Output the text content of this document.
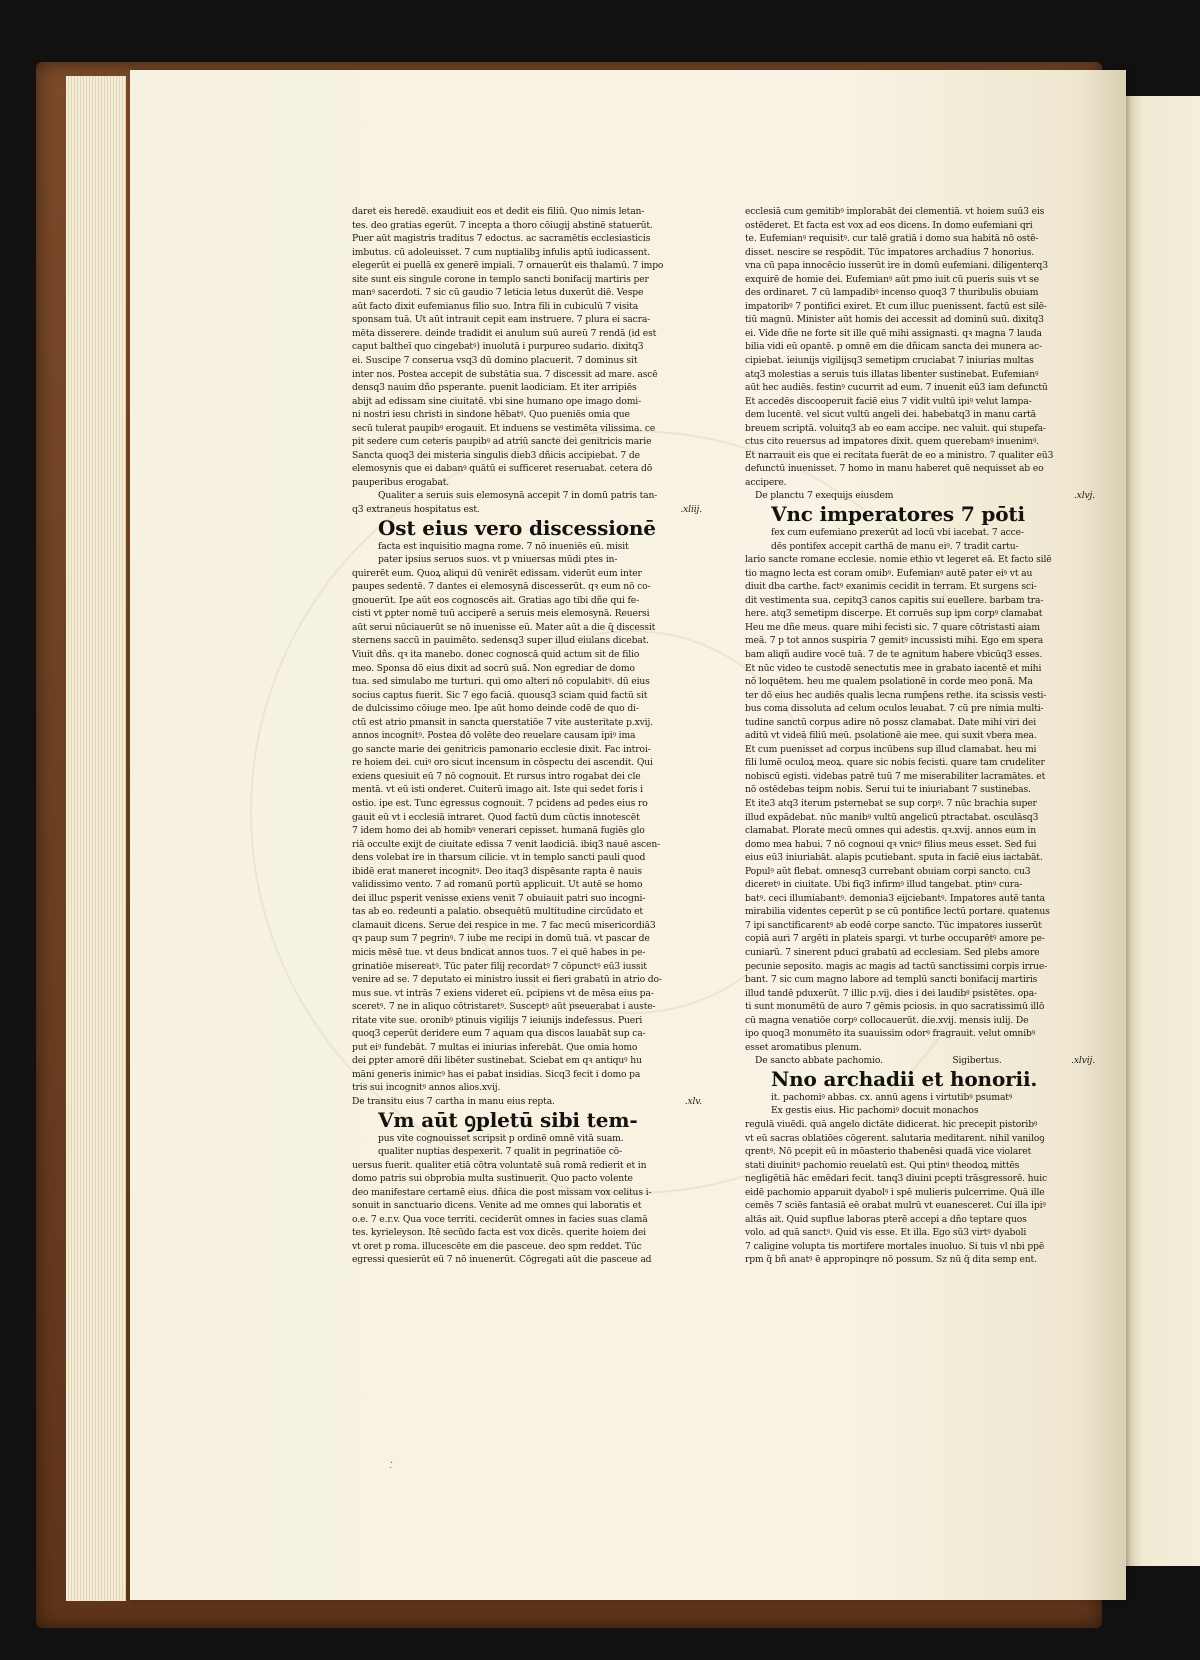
daret eis heredē. exaudiuit eos et dedit eis filiū. Quo nimis letan-
tes. deo gratias egerūt. 7 incepta a thoro cōiugij abstinē statuerūt.
Puer aūt magistris traditus 7 edoctus. ac sacramētis ecclesiasticis
imbutus. cū adoleuisset. 7 cum nuptialibꝫ infulis aptū iudicassent.
elegerūt ei puellā ex generē impiali. 7 ornauerūt eis thalamū. 7 impo
site sunt eis singule corone in templo sancti bonifacij martiris per
manꝰ sacerdoti. 7 sic cū gaudio 7 leticia letus duxerūt diē. Vespe
aūt facto dixit eufemianus filio suo. Intra fili in cubiculū 7 visita
sponsam tuā. Ut aūt intrauit cepit eam instruere. 7 plura ei sacra-
mēta disserere. deinde tradidit ei anulum suū aureū 7 rendā (id est
caput baltheī quo cingebatꝰ) inuolutā i purpureo sudario. dixitq3
ei. Suscipe 7 conserua vsq3 dū domino placuerit. 7 dominus sit
inter nos. Postea accepit de substātia sua. 7 discessit ad mare. ascē
densq3 nauim dño psperante. puenit laodiciam. Et iter arripiēs
abijt ad edissam sine ciuitatē. vbi sine humano ope imago domi-
ni nostri iesu christi in sindone hēbatꝰ. Quo pueniēs omia que
secū tulerat paupibꝰ erogauit. Et induens se vestimēta vilissima. ce
pit sedere cum ceteris paupibꝰ ad atriū sancte dei genitricis marie
Sancta quoq3 dei misteria singulis dieb3 dñicis accipiebat. 7 de
elemosynis que ei dabanꝰ quātū ei sufficeret reseruabat. cetera dō
pauperibus erogabat.
Qualiter a seruis suis elemosynā accepit 7 in domū patris tan-
q3 extraneus hospitatus est.	.xliij.
Ost eius vero discessionē
facta est inquisitio magna rome. 7 nō inueniēs eū. misit
pater ipsius seruos suos. vt p vniuersas mūdi ptes in-
quirerēt eum. Quoꝝ aliqui dū venirēt edissam. viderūt eum inter
paupes sedentē. 7 dantes ei elemosynā discesserūt. qꝛ eum nō co-
gnouerūt. Ipe aūt eos cognoscēs ait. Gratias ago tibi dñe qui fe-
cisti vt ꝑpter nomē tuū acciperē a seruis meis elemosynā. Reuersi
aūt serui nūciauerūt se nō inuenisse eū. Mater aūt a die q̄ discessit
sternens saccū in pauimēto. sedensq3 super illud eiulans dicebat.
Viuit dñs. qꝛ ita manebo. donec cognoscā quid actum sit de filio
meo. Sponsa dō eius dixit ad socrū suā. Non egrediar de domo
tua. sed simulabo me turturi. qui omo alteri nō copulabitꝰ. dū eius
socius captus fuerit. Sic 7 ego faciā. quousq3 sciam quid factū sit
de dulcissimo cōiuge meo. Ipe aūt homo deinde codē de quo di-
ctū est atrio pmansit in sancta querstatiōe 7 vite austeritate p.xvij.
annos incognitꝰ. Postea dō volēte deo reuelare causam ipiꝰ ima
go sancte marie dei genitricis pamonario ecclesie dixit. Fac introi-
re hoiem dei. cuiꝰ oro sicut incensum in cōspectu dei ascendit. Qui
exiens quesiuit eū 7 nō cognouit. Et rursus intro rogabat dei cle
mentā. vt eū isti onderet. Cuiterū imago ait. Iste qui sedet foris i
ostio. ipe est. Tunc egressus cognouit. 7 pcidens ad pedes eius ro
gauit eū vt i ecclesiā intraret. Quod factū dum cūctis innotescēt
7 idem homo dei ab homibꝰ venerari cepisset. humanā fugiēs glo
riā occulte exijt de ciuitate edissa 7 venit laodiciā. ibiq3 nauē ascen-
dens volebat ire in tharsum cilicie. vt in templo sancti pauli quod
ibidē erat maneret incognitꝰ. Deo itaq3 dispēsante rapta ē nauis
validissimo vento. 7 ad romanū portū applicuit. Ut autē se homo
dei illuc psperit venisse exiens venit 7 obuiauit patri suo incogni-
tas ab eo. redeunti a palatio. obsequētū multitudine circūdato et
clamauit dicens. Serue dei respice in me. 7 fac mecū misericordiā3
qꝛ paup sum 7 pegrinꝰ. 7 iube me recipi in domū tuā. vt pascar de
micis mēsē tue. vt deus bndicat annos tuos. 7 ei quē habes in pe-
grinatiōe misereatꝰ. Tūc pater filij recordatꝰ 7 cōpunctꝰ eū3 iussit
venire ad se. 7 deputato ei ministro iussit ei fieri grabatū in atrio do-
mus sue. vt intrās 7 exiens videret eū. pcipiens vt de mēsa eius pa-
sceretꝰ. 7 ne in aliquo cōtristaretꝰ. Susceptꝰ aūt pseuerabat i auste-
ritate vite sue. oronibꝰ ptinuis vigilijs 7 ieiunijs indefessus. Pueri
quoq3 ceperūt deridere eum 7 aquam qua discos lauabāt sup ca-
put eiꝰ fundebāt. 7 multas ei iniurias inferebāt. Que omia homo
dei ꝑpter amorē dñi libēter sustinebat. Sciebat em qꝛ antiquꝰ hu
māni generis inimicꝰ has ei pabat insidias. Sicq3 fecit i domo pa
tris sui incognitꝰ annos alios.xvij.
De transitu eius 7 cartha in manu eius repta.	.xlv.
Vm aūt ꝯpletū sibi tem-
pus vite cognouisset scripsit p ordinē omnē vitā suam.
qualiter nuptias despexerit. 7 qualit in pegrinatiōe cō-
uersus fuerit. qualiter etiā cōtra voluntatē suā romā redierit et in
domo patris sui obprobia multa sustinuerit. Quo pacto volente
deo manifestare certamē eius. dñica die post missam vox celitus i-
sonuit in sanctuario dicens. Venite ad me omnes qui laboratis et
o.e. 7 e.r.v. Qua voce territi. ceciderūt omnes in facies suas clamā
tes. kyrieleyson. Itē secūdo facta est vox dicēs. querite hoiem dei
vt oret p roma. illucescēte em die pasceue. deo spm reddet. Tūc
egressi quesierūt eū 7 nō inuenerūt. Cōgregati aūt die pasceue ad
ecclesiā cum gemitibꝰ implorabāt dei clementiā. vt hoiem suū3 eis
ostēderet. Et facta est vox ad eos dicens. In domo eufemiani qri
te. Eufemianꝰ requisitꝰ. cur talē gratiā i domo sua habitā nō ostē-
disset. nescire se respōdit. Tūc impatores archadius 7 honorius.
vna cū papa innocēcio iusserūt ire in domū eufemiani. diligenterq3
exquirē de homie dei. Eufemianꝰ aūt pmo iuit cū pueris suis vt se
des ordinaret. 7 cū lampadibꝰ incenso quoq3 7 thuribulis obuiam
impatoribꝰ 7 pontifici exiret. Et cum illuc puenissent. factū est silē-
tiū magnū. Minister aūt homis dei accessit ad dominū suū. dixitq3
ei. Vide dñe ne forte sit ille quē mihi assignasti. qꝛ magna 7 lauda
bilia vidi eū opantē. p omnē em die dñicam sancta dei munera ac-
cipiebat. ieiunijs vigilijsq3 semetipm cruciabat 7 iniurias multas
atq3 molestias a seruis tuis illatas libenter sustinebat. Eufemianꝰ
aūt hec audiēs. festinꝰ cucurrit ad eum. 7 inuenit eū3 iam defunctū
Et accedēs discooperuit faciē eius 7 vidit vultū ipiꝰ velut lampa-
dem lucentē. vel sicut vultū angeli dei. habebatq3 in manu cartā
breuem scriptā. voluitq3 ab eo eam accipe. nec valuit. qui stupefa-
ctus cito reuersus ad impatores dixit. quem querebamꝰ inuenimꝰ.
Et narrauit eis que ei recitata fuerāt de eo a ministro. 7 qualiter eū3
defunctū inuenisset. 7 homo in manu haberet quē nequisset ab eo
accipere.
De planctu 7 exequijs eiusdem	.xlvj.
Vnc imperatores 7 pōti
fex cum eufemiano ꝑrexerūt ad locū vbi iacebat. 7 acce-
dēs pontifex accepit carthā de manu eiꝰ. 7 tradit cartu-
lario sancte romane ecclesie. nomie ethio vt legeret eā. Et facto silē
tio magno lecta est coram omibꝰ. Eufemianꝰ autē pater eiꝰ vt au
diuit dba carthe. factꝰ exanimis cecidit in terram. Et surgens sci-
dit vestimenta sua. cepitq3 canos capitis sui euellere. barbam tra-
here. atq3 semetipm discerpe. Et corruēs sup ipm corpꝰ clamabat
Heu me dñe meus. quare mihi fecisti sic. 7 quare cōtristasti aiam
meā. 7 p tot annos suspiria 7 gemitꝰ incussisti mihi. Ego em spera
bam aliqñ audire vocē tuā. 7 de te agnitum habere vbicūq3 esses.
Et nūc video te custodē senectutis mee in grabato iacentē et mihi
nō loquētem. heu me qualem psolationē in corde meo ponā. Ma
ter dō eius hec audiēs qualis lecna rump̄ens rethe. ita scissis vesti-
bus coma dissoluta ad celum oculos leuabat. 7 cū pre nimia multi-
tudine sanctū corpus adire nō possz clamabat. Date mihi viri dei
aditū vt videā filiū meū. psolationē aie mee. qui suxit vbera mea.
Et cum puenisset ad corpus incūbens sup illud clamabat. heu mi
fili lumē oculoꝝ meoꝝ. quare sic nobis fecisti. quare tam crudeliter
nobiscū egisti. videbas patrē tuū 7 me miserabiliter lacramātes. et
nō ostēdebas teipm nobis. Serui tui te iniuriabant 7 sustinebas.
Et ite3 atq3 iterum psternebat se sup corpꝰ. 7 nūc brachia super
illud expādebat. nūc manibꝰ vultū angelicū ptractabat. osculāsq3
clamabat. Plorate mecū omnes qui adestis. qꝛ.xvij. annos eum in
domo mea habui. 7 nō cognoui qꝛ vnicꝰ filius meus esset. Sed fui
eius eū3 iniuriabāt. alapis pcutiebant. sputa in faciē eius iactabāt.
Populꝰ aūt flebat. omnesq3 currebant obuiam corpi sancto. cu3
diceretꝰ in ciuitate. Ubi fiq3 infirmꝰ illud tangebat. ptinꝰ cura-
batꝰ. ceci illumiabantꝰ. demonia3 eijciebantꝰ. Impatores autē tanta
mirabilia videntes ceperūt p se cū pontifice lectū portare. quatenus
7 ipi sanctificarentꝰ ab eodē corpe sancto. Tūc impatores iusserūt
copiā auri 7 argēti in plateis spargi. vt turbe occuparētꝰ amore pe-
cuniarū. 7 sinerent pduci grabatū ad ecclesiam. Sed plebs amore
pecunie seposito. magis ac magis ad tactū sanctissimi corpis irrue-
bant. 7 sic cum magno labore ad templū sancti bonifacij martiris
illud tandē pduxerūt. 7 illic p.vij. dies i dei laudibꝰ psistētes. opa-
ti sunt monumētū de auro 7 gēmis pciosis. in quo sacratissimū illō
cū magna venatiōe corpꝰ collocauerūt. die.xvij. mensis iulij. De
ipo quoq3 monumēto ita suauissim odorꝰ fragrauit. velut omnibꝰ
esset aromatibus plenum.
De sancto abbate pachomio.	Sigibertus.	.xlvij.
Nno archadii et honorii.
it. pachomiꝰ abbas. cx. annū agens i virtutibꝰ psumatꝰ
Ex gestis eius. Hic pachomiꝰ docuit monachos
regulā viuēdi. quā angelo dictāte didicerat. hic precepit pistoribꝰ
vt eū sacras oblatiōes cōgerent. salutaria meditarent. nihil vaniloꝯ
qrentꝰ. Nō pcepit eū in mōasterio thabenēsi quadā vice violaret
stati diuinitꝰ pachomio reuelatū est. Qui ptinꝰ theodoꝝ mittēs
negligētiā hāc emēdari fecit. tanq3 diuini pcepti trāsgressorē. huic
eidē pachomio apparuit dyabolꝰ i spē mulieris pulcerrime. Quā ille
cemēs 7 sciēs fantasiā eē orabat mulrū vt euanesceret. Cui illa ipiꝰ
altās ait. Quid supflue laboras pterē accepi a dño teptare quos
volo. ad quā sanctꝰ. Quid vis esse. Et illa. Ego sū3 virtꝰ dyaboli
7 caligine volupta tis mortifere mortales inuoluo. Si tuis vl nbi ppē
rpm q̄ bñ anatꝰ ē appropinqre nō possum. Sz nū q̄ dita semp ent.
·̣
